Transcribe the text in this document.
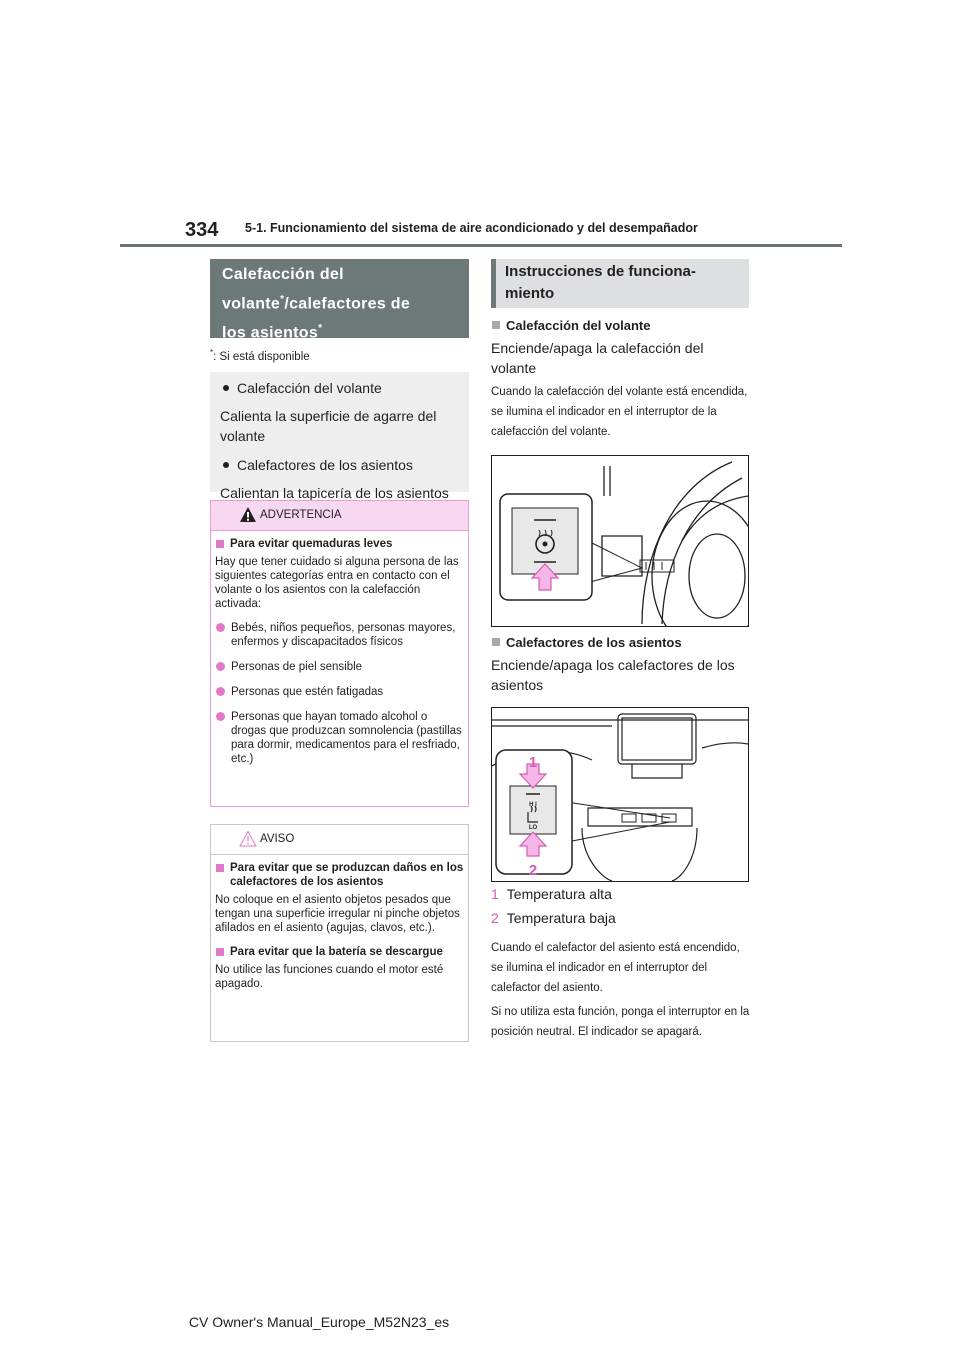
334 5-1. Funcionamiento del sistema de aire acondicionado y del desempañador
Calefacción del
volante*/calefactores de
los asientos*
*: Si está disponible
Calefacción del volante
Calienta la superficie de agarre del volante
Calefactores de los asientos
Calientan la tapicería de los asientos
ADVERTENCIA
Para evitar quemaduras leves

Hay que tener cuidado si alguna persona de las siguientes categorías entra en contacto con el volante o los asientos con la calefacción activada:

Bebés, niños pequeños, personas mayores, enfermos y discapacitados físicos
Personas de piel sensible
Personas que estén fatigadas
Personas que hayan tomado alcohol o drogas que produzcan somnolencia (pastillas para dormir, medicamentos para el resfriado, etc.)
AVISO
Para evitar que se produzcan daños en los calefactores de los asientos

No coloque en el asiento objetos pesados que tengan una superficie irregular ni pinche objetos afilados en el asiento (agujas, clavos, etc.).

Para evitar que la batería se descargue

No utilice las funciones cuando el motor esté apagado.

Instrucciones de funciona-
miento
Calefacción del volante
Enciende/apaga la calefacción del volante
Cuando la calefacción del volante está encendida, se ilumina el indicador en el interruptor de la calefacción del volante.
Calefactores de los asientos
Enciende/apaga los calefactores de los asientos
H I
LO
1
2
1 Temperatura alta
2 Temperatura baja
Cuando el calefactor del asiento está encendido, se ilumina el indicador en el interruptor del calefactor del asiento.
Si no utiliza esta función, ponga el interruptor en la posición neutral. El indicador se apagará.
CV Owner's Manual_Europe_M52N23_es
